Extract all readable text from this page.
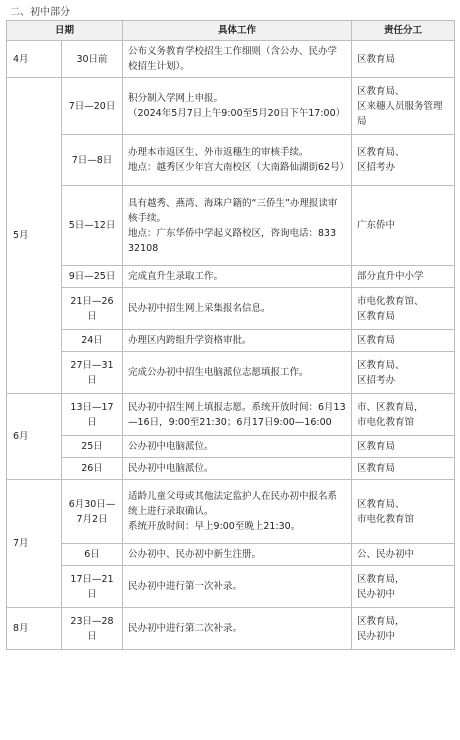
二、初中部分
日期		具体工作	责任分工
4月	30日前	公布义务教育学校招生工作细则（含公办、民办学校招生计划）。	区教育局

5月	7日—20日	积分制入学网上申报。
（2024年5月7日上午9:00至5月20日下午17:00）	区教育局、
区来穗人员服务管理局

	7日—8日	办理本市返区生、外市返穗生的审核手续。
地点：越秀区少年宫大南校区（大南路仙湖街62号）	区教育局、
区招考办

	5日—12日	具有越秀、燕湾、海珠户籍的“三侨生”办理报读审核手续。
地点：广东华侨中学起义路校区，咨询电话：833 32108	广东侨中

	9日—25日	完成直升生录取工作。	部分直升中小学

	21日—26日	民办初中招生网上采集报名信息。	市电化教育馆、
区教育局

	24日	办理区内跨组升学资格审批。	区教育局

	27日—31日	完成公办初中招生电脑派位志愿填报工作。	区教育局、
区招考办

6月	13日—17日	民办初中招生网上填报志愿。系统开放时间：6月13—16日，9:00至21:30；6月17日9:00—16:00	市、区教育局，
市电化教育馆

	25日	公办初中电脑派位。	区教育局

	26日	民办初中电脑派位。	区教育局

7月	6月30日—7月2日	适龄儿童父母或其他法定监护人在民办初中报名系统上进行录取确认。
系统开放时间：早上9:00至晚上21:30。	区教育局、
市电化教育馆

	6日	公办初中、民办初中新生注册。	公、民办初中

	17日—21日	民办初中进行第一次补录。	区教育局，
民办初中

8月	23日—28日	民办初中进行第二次补录。	区教育局，
民办初中
